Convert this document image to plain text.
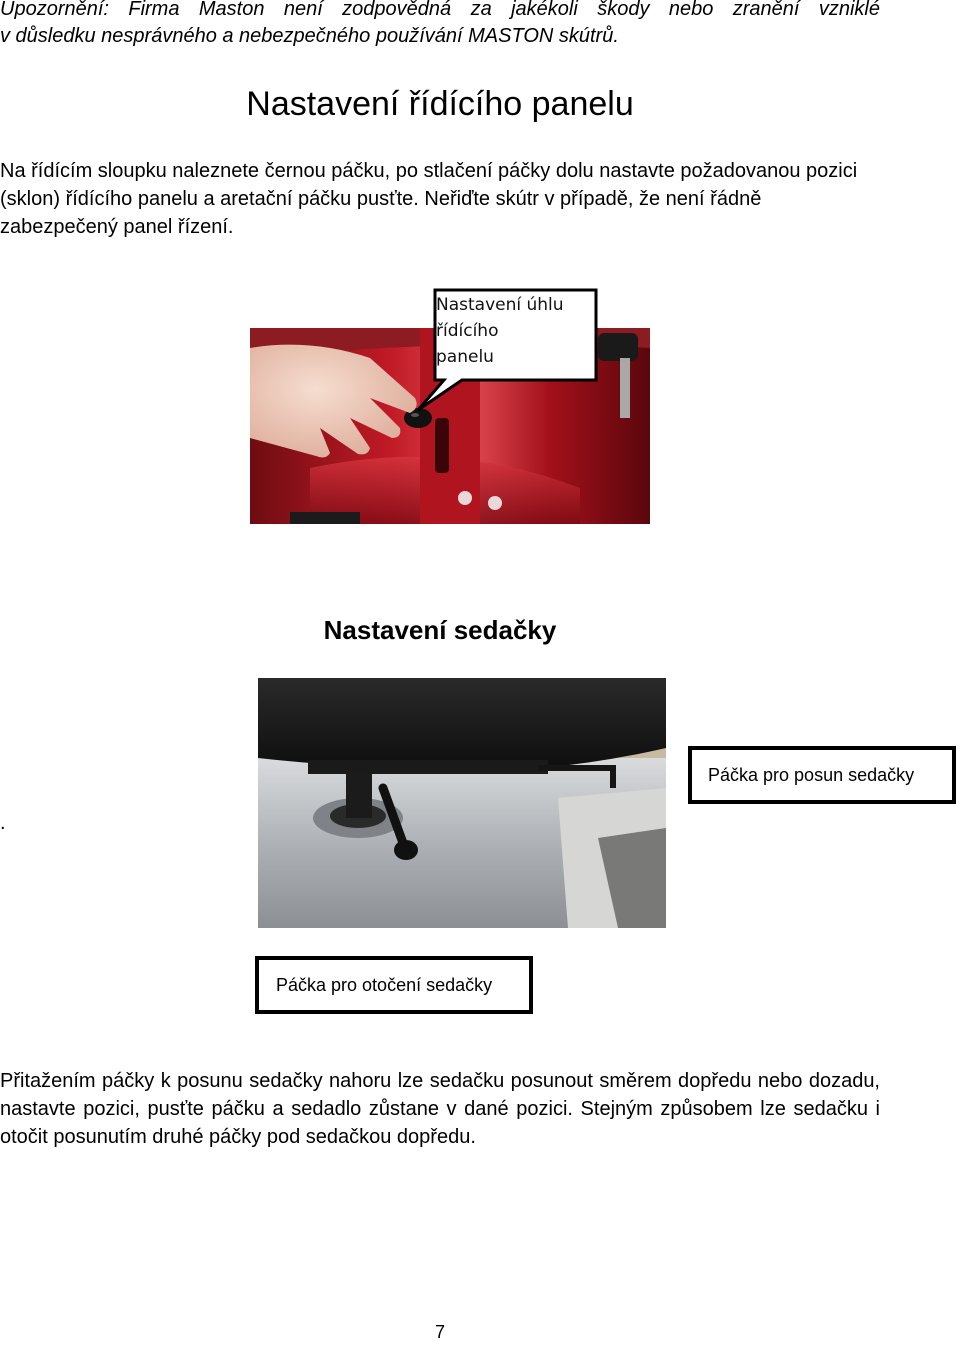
Upozornění: Firma Maston není zodpovědná za jakékoli škody nebo zranění vzniklé
v důsledku nesprávného a nebezpečného používání MASTON skútrů.
Nastavení řídícího panelu
Na řídícím sloupku naleznete černou páčku, po stlačení páčky dolu nastavte požadovanou pozici (sklon) řídícího panelu a aretační páčku pusťte. Neřiďte skútr v případě, že není řádně zabezpečený panel řízení.
Nastavení úhlu
řídícího
panelu
Nastavení sedačky
Páčka pro posun sedačky
.
Páčka pro otočení sedačky
Přitažením páčky k posunu sedačky nahoru lze sedačku posunout směrem dopředu nebo dozadu, nastavte pozici, pusťte páčku a sedadlo zůstane v dané pozici. Stejným způsobem lze sedačku i otočit posunutím druhé páčky pod sedačkou dopředu.
7
